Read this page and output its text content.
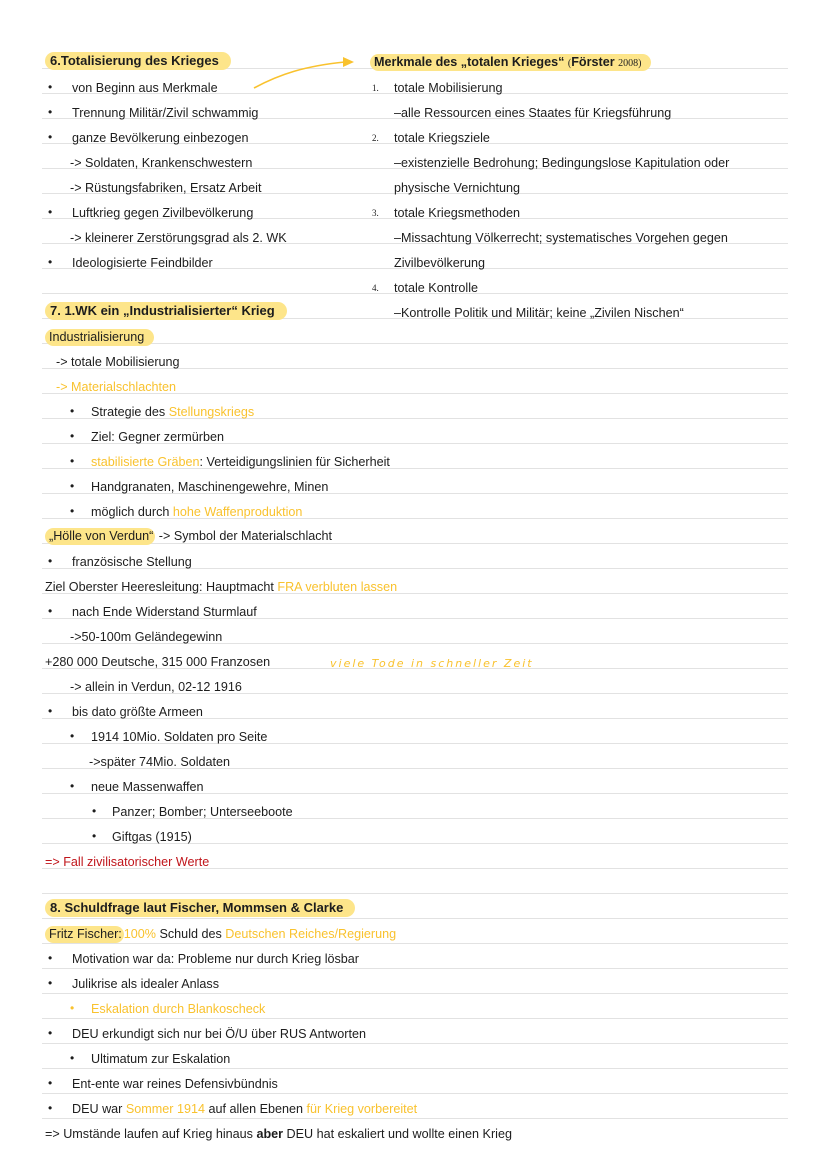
6.Totalisierung des Krieges
• von Beginn aus Merkmale
• Trennung Militär/Zivil schwammig
• ganze Bevölkerung einbezogen
-> Soldaten, Krankenschwestern
-> Rüstungsfabriken, Ersatz Arbeit
• Luftkrieg gegen Zivilbevölkerung
-> kleinerer Zerstörungsgrad als 2. WK
• Ideologisierte Feindbilder
Merkmale des „totalen Krieges“ (Förster 2008)
1. totale Mobilisierung
–alle Ressourcen eines Staates für Kriegsführung
2. totale Kriegsziele
–existenzielle Bedrohung; Bedingungslose Kapitulation oder
physische Vernichtung
3. totale Kriegsmethoden
–Missachtung Völkerrecht; systematisches Vorgehen gegen
Zivilbevölkerung
4. totale Kontrolle
–Kontrolle Politik und Militär; keine „Zivilen Nischen“
7. 1.WK ein „Industrialisierter“ Krieg
Industrialisierung
-> totale Mobilisierung
-> Materialschlachten
• Strategie des Stellungskriegs
• Ziel: Gegner zermürben
• stabilisierte Gräben: Verteidigungslinien für Sicherheit
• Handgranaten, Maschinengewehre, Minen
• möglich durch hohe Waffenproduktion
„Hölle von Verdun“ -> Symbol der Materialschlacht
• französische Stellung
Ziel Oberster Heeresleitung: Hauptmacht FRA verbluten lassen
• nach Ende Widerstand Sturmlauf
->50-100m Geländegewinn
+280 000 Deutsche, 315 000 Franzosen
-> allein in Verdun, 02-12 1916
viele Tode in schneller Zeit
• bis dato größte Armeen
• 1914 10Mio. Soldaten pro Seite
->später 74Mio. Soldaten
• neue Massenwaffen
• Panzer; Bomber; Unterseeboote
• Giftgas (1915)
=> Fall zivilisatorischer Werte
8. Schuldfrage laut Fischer, Mommsen & Clarke
Fritz Fischer: 100% Schuld des Deutschen Reiches/Regierung
• Motivation war da: Probleme nur durch Krieg lösbar
• Julikrise als idealer Anlass
• Eskalation durch Blankoscheck
• DEU erkundigt sich nur bei Ö/U über RUS Antworten
• Ultimatum zur Eskalation
• Ent-ente war reines Defensivbündnis
• DEU war Sommer 1914 auf allen Ebenen für Krieg vorbereitet
=> Umstände laufen auf Krieg hinaus aber DEU hat eskaliert und wollte einen Krieg
